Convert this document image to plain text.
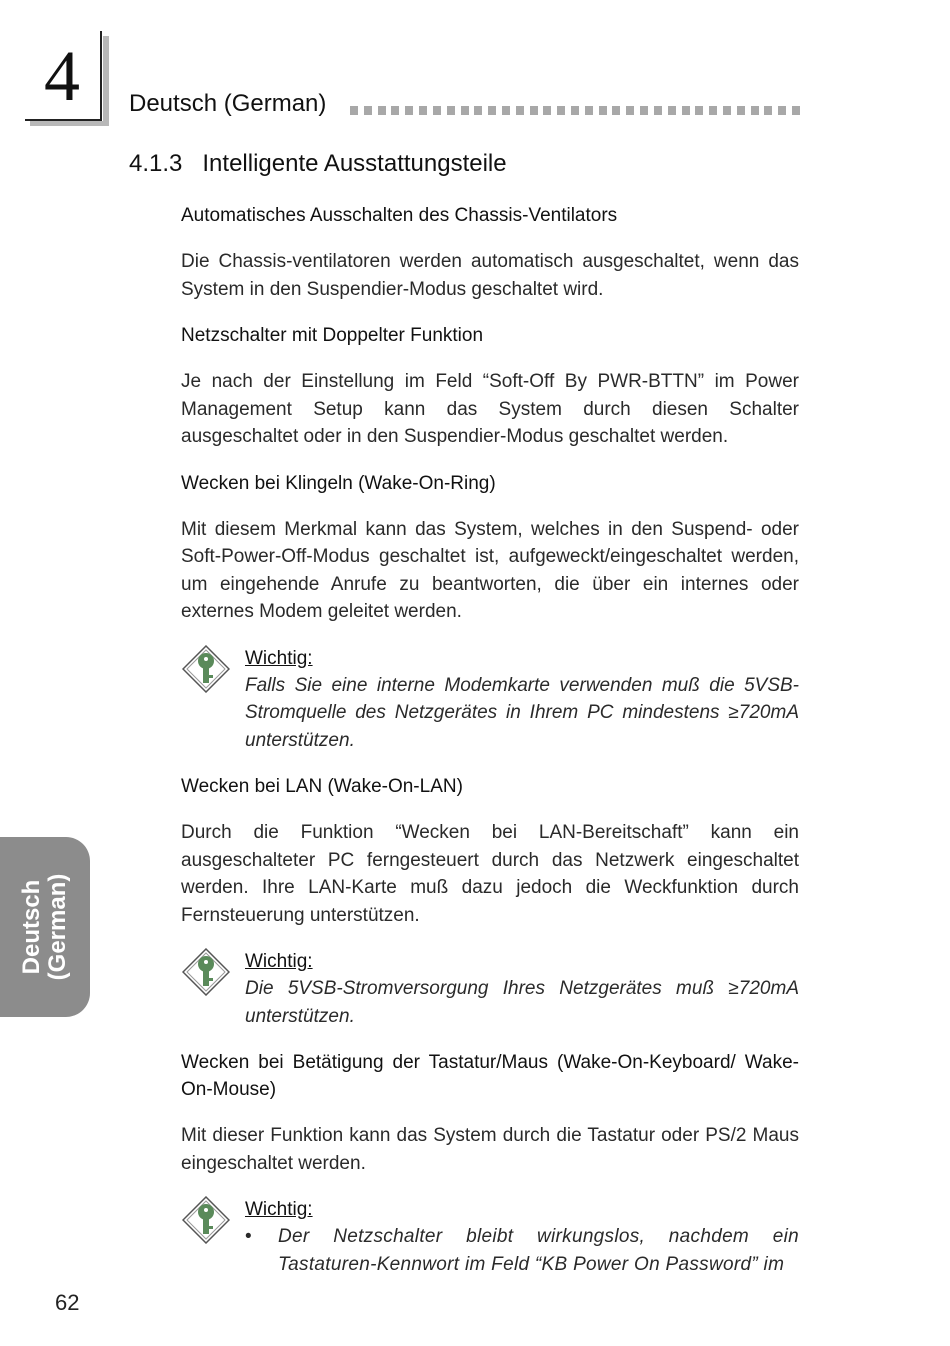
4 Deutsch (German)
4.1.3 Intelligente Ausstattungsteile

Automatisches Ausschalten des Chassis-Ventilators

Die Chassis-ventilatoren werden automatisch ausgeschaltet, wenn das System in den Suspendier-Modus geschaltet wird.

Netzschalter mit Doppelter Funktion

Je nach der Einstellung im Feld “Soft-Off By PWR-BTTN” im Power Management Setup kann das System durch diesen Schalter ausgeschaltet oder in den Suspendier-Modus geschaltet werden.

Wecken bei Klingeln (Wake-On-Ring)

Mit diesem Merkmal kann das System, welches in den Suspend- oder Soft-Power-Off-Modus geschaltet ist, aufgeweckt/eingeschaltet werden, um eingehende Anrufe zu beantworten, die über ein internes oder externes Modem geleitet werden.

Wichtig:
Falls Sie eine interne Modemkarte verwenden muß die 5VSB-Stromquelle des Netzgerätes in Ihrem PC mindestens ≥720mA unterstützen.

Wecken bei LAN (Wake-On-LAN)

Durch die Funktion “Wecken bei LAN-Bereitschaft” kann ein ausgeschalteter PC ferngesteuert durch das Netzwerk eingeschaltet werden. Ihre LAN-Karte muß dazu jedoch die Weckfunktion durch Fernsteuerung unterstützen.

Wichtig:
Die 5VSB-Stromversorgung Ihres Netzgerätes muß ≥720mA unterstützen.

Wecken bei Betätigung der Tastatur/Maus (Wake-On-Keyboard/ Wake-On-Mouse)

Mit dieser Funktion kann das System durch die Tastatur oder PS/2 Maus eingeschaltet werden.

Wichtig:
•	Der Netzschalter bleibt wirkungslos, nachdem ein Tastaturen-Kennwort im Feld “KB Power On Password” im
Deutsch (German)
62
